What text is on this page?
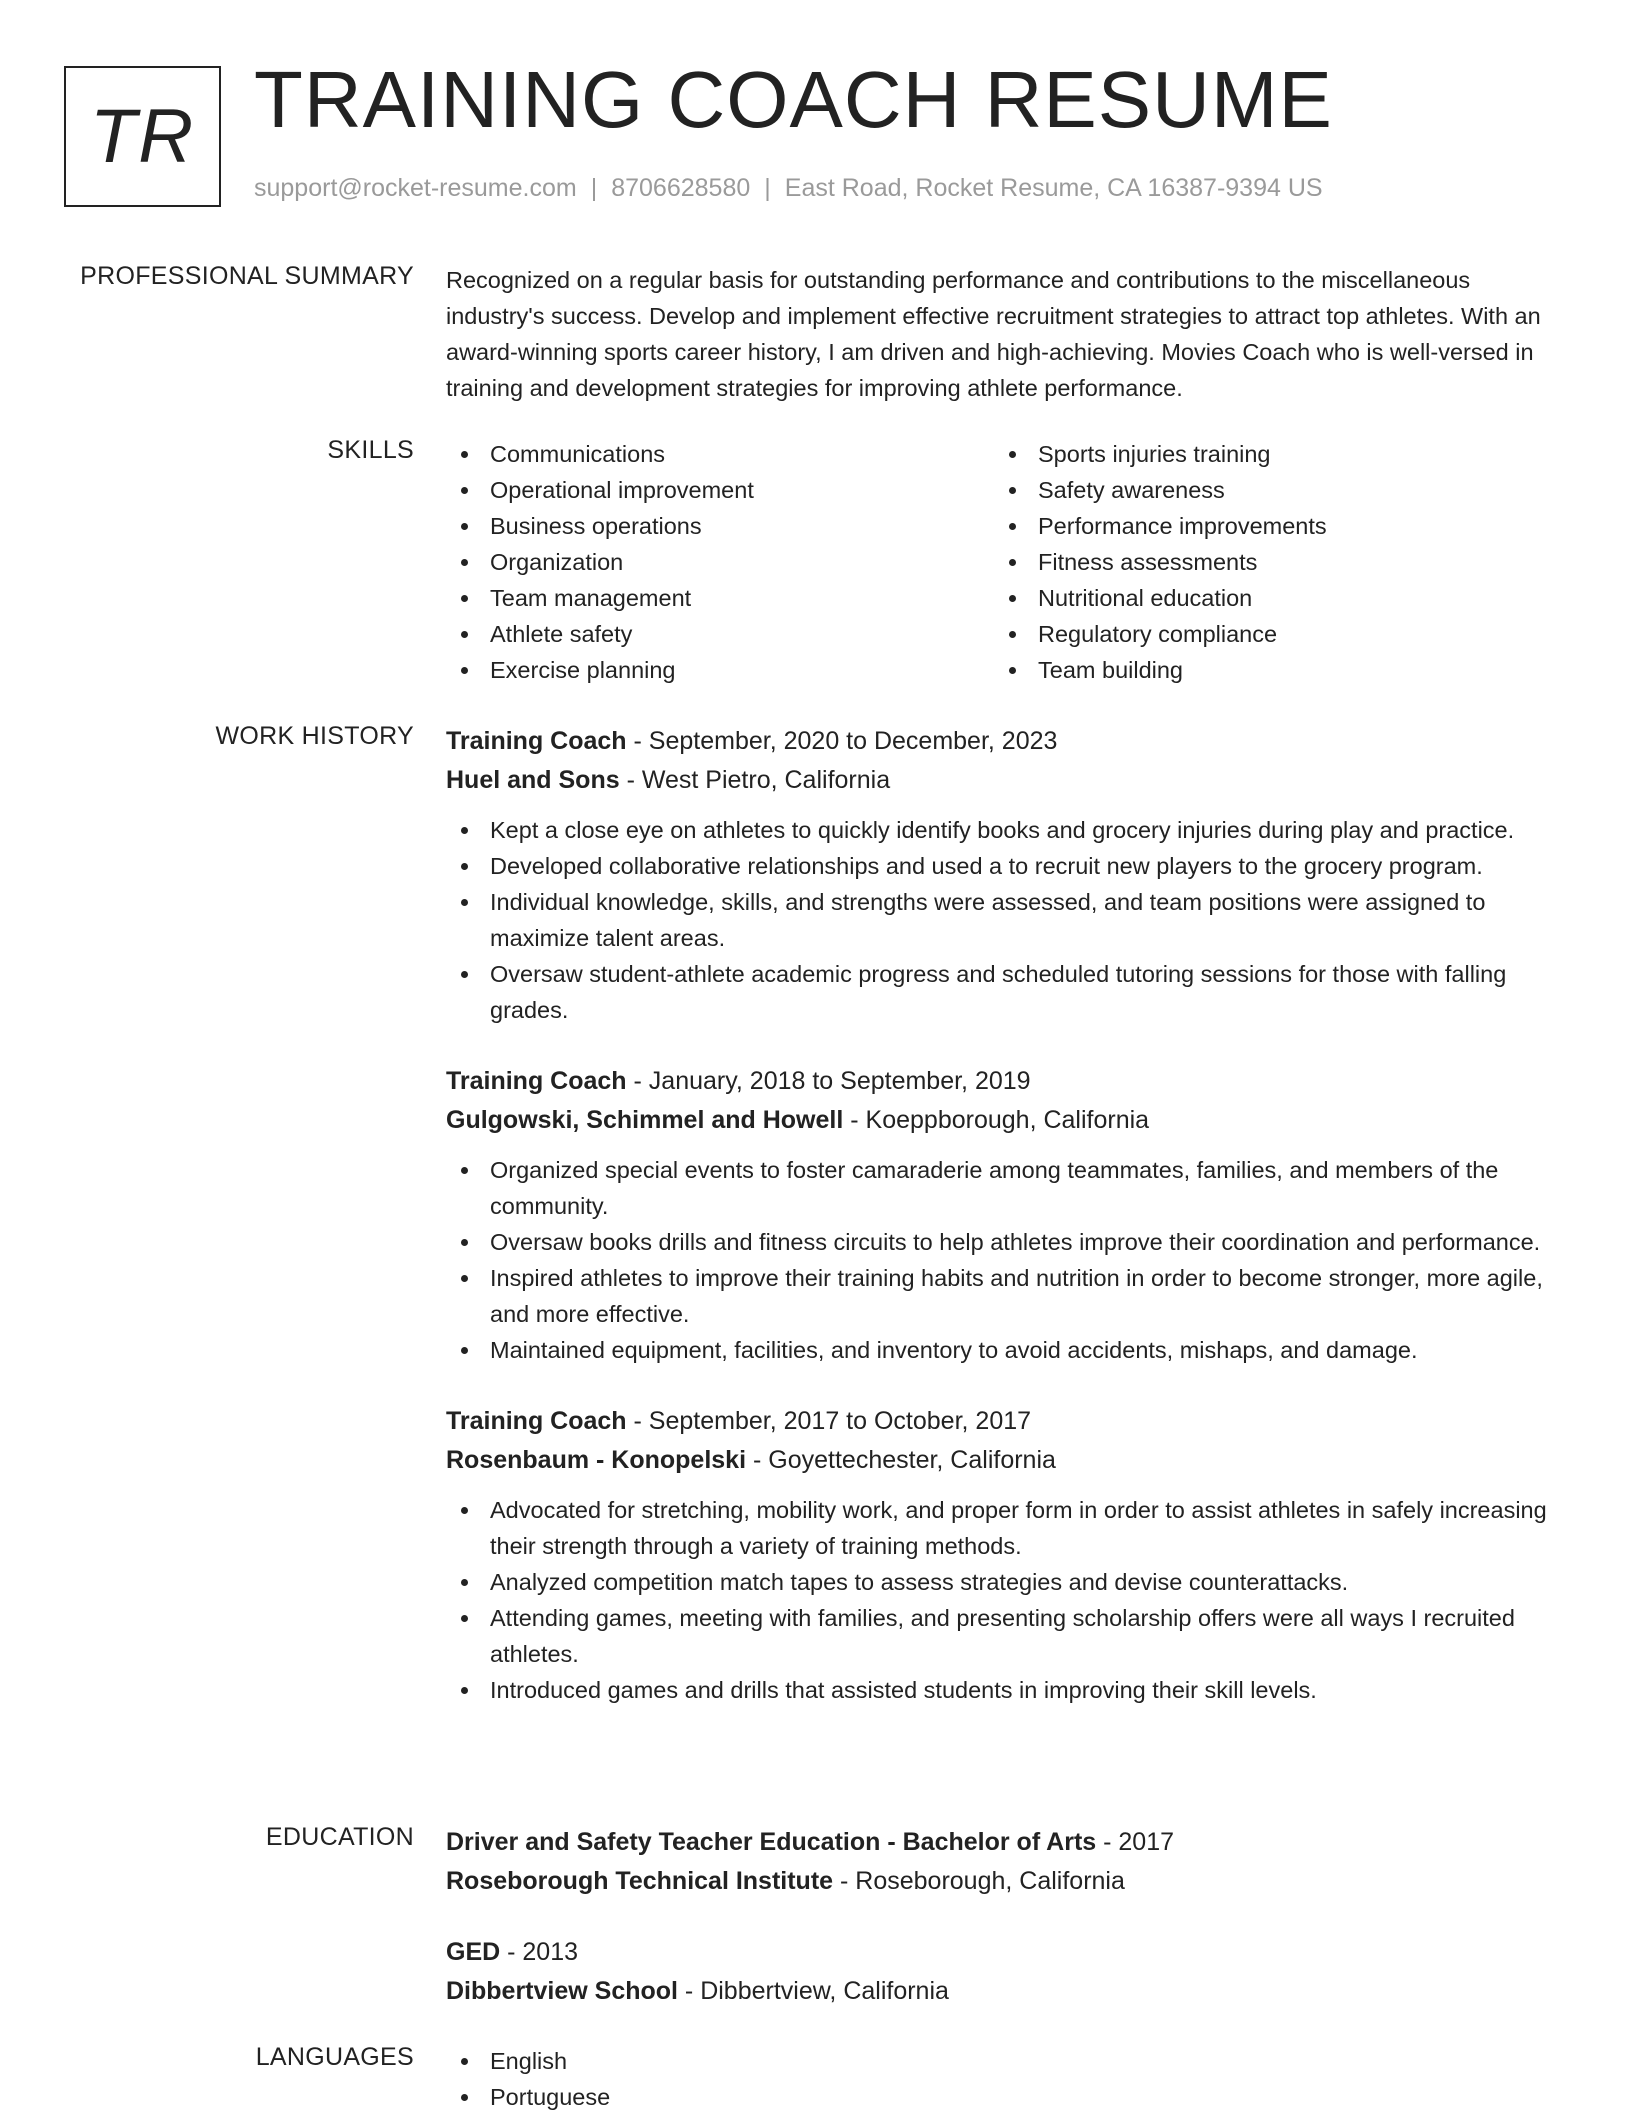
TR TRAINING COACH RESUME
support@rocket-resume.com | 8706628580 | East Road, Rocket Resume, CA 16387-9394 US
PROFESSIONAL SUMMARY Recognized on a regular basis for outstanding performance and contributions to the miscellaneous industry's success. Develop and implement effective recruitment strategies to attract top athletes. With an award-winning sports career history, I am driven and high-achieving. Movies Coach who is well-versed in training and development strategies for improving athlete performance.

SKILLS	Communications
Operational improvement
Business operations
Organization
Team management
Athlete safety
Exercise planning
Sports injuries training
Safety awareness
Performance improvements
Fitness assessments
Nutritional education
Regulatory compliance
Team building
WORK HISTORY Training Coach - September, 2020 to December, 2023
Huel and Sons - West Pietro, California
Kept a close eye on athletes to quickly identify books and grocery injuries during play and practice.
Developed collaborative relationships and used a to recruit new players to the grocery program.
Individual knowledge, skills, and strengths were assessed, and team positions were assigned to maximize talent areas.
Oversaw student-athlete academic progress and scheduled tutoring sessions for those with falling grades.
Training Coach - January, 2018 to September, 2019
Gulgowski, Schimmel and Howell - Koeppborough, California
Organized special events to foster camaraderie among teammates, families, and members of the community.
Oversaw books drills and fitness circuits to help athletes improve their coordination and performance.
Inspired athletes to improve their training habits and nutrition in order to become stronger, more agile, and more effective.
Maintained equipment, facilities, and inventory to avoid accidents, mishaps, and damage.
Training Coach - September, 2017 to October, 2017
Rosenbaum - Konopelski - Goyettechester, California
Advocated for stretching, mobility work, and proper form in order to assist athletes in safely increasing their strength through a variety of training methods.
Analyzed competition match tapes to assess strategies and devise counterattacks.
Attending games, meeting with families, and presenting scholarship offers were all ways I recruited athletes.
Introduced games and drills that assisted students in improving their skill levels.
EDUCATION Driver and Safety Teacher Education - Bachelor of Arts - 2017
Roseborough Technical Institute - Roseborough, California
GED - 2013
Dibbertview School - Dibbertview, California
LANGUAGES	English
Portuguese
